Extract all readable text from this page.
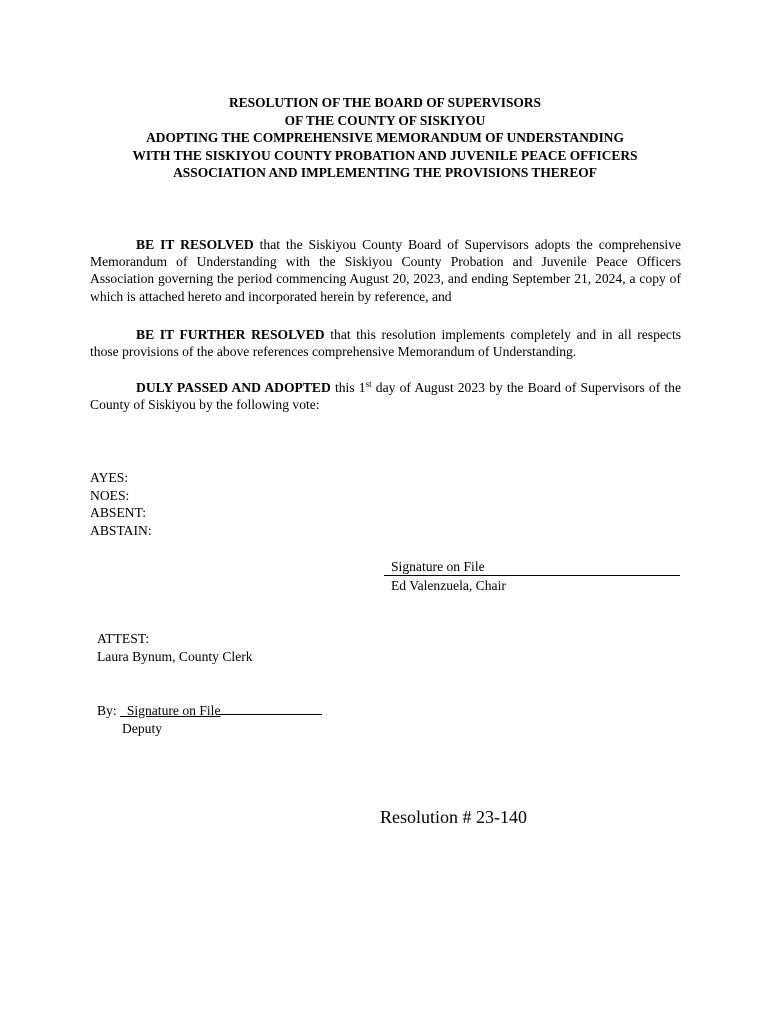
RESOLUTION OF THE BOARD OF SUPERVISORS
OF THE COUNTY OF SISKIYOU
ADOPTING THE COMPREHENSIVE MEMORANDUM OF UNDERSTANDING
WITH THE SISKIYOU COUNTY PROBATION AND JUVENILE PEACE OFFICERS
ASSOCIATION AND IMPLEMENTING THE PROVISIONS THEREOF
BE IT RESOLVED that the Siskiyou County Board of Supervisors adopts the comprehensive Memorandum of Understanding with the Siskiyou County Probation and Juvenile Peace Officers Association governing the period commencing August 20, 2023, and ending September 21, 2024, a copy of which is attached hereto and incorporated herein by reference, and
BE IT FURTHER RESOLVED that this resolution implements completely and in all respects those provisions of the above references comprehensive Memorandum of Understanding.
DULY PASSED AND ADOPTED this 1st day of August 2023 by the Board of Supervisors of the County of Siskiyou by the following vote:
AYES:
NOES:
ABSENT:
ABSTAIN:
Signature on File
Ed Valenzuela, Chair
ATTEST:
Laura Bynum, County Clerk
By:   Signature on File
Deputy
Resolution # 23-140
